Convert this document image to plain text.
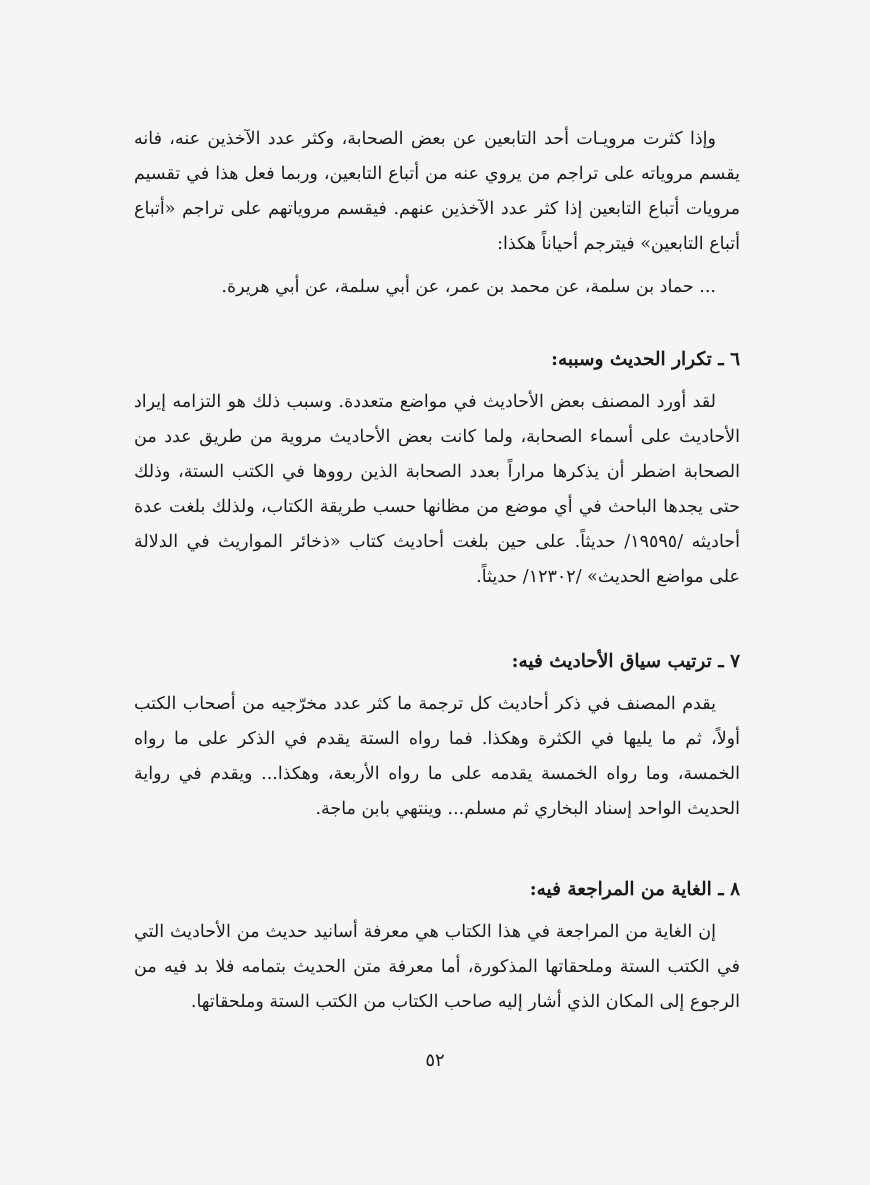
وإذا كثرت مرويـات أحد التابعين عن بعض الصحابة، وكثر عدد الآخذين عنه، فانه يقسم مروياته على تراجم من يروي عنه من أتباع التابعين، وربما فعل هذا في تقسيم مرويات أتباع التابعين إذا كثر عدد الآخذين عنهم. فيقسم مروياتهم على تراجم «أتباع أتباع التابعين» فيترجم أحياناً هكذا:

... حماد بن سلمة، عن محمد بن عمر، عن أبي سلمة، عن أبي هريرة.

٦ ـ تكرار الحديث وسببه:

لقد أورد المصنف بعض الأحاديث في مواضع متعددة. وسبب ذلك هو التزامه إيراد الأحاديث على أسماء الصحابة، ولما كانت بعض الأحاديث مروية من طريق عدد من الصحابة اضطر أن يذكرها مراراً بعدد الصحابة الذين رووها في الكتب الستة، وذلك حتى يجدها الباحث في أي موضع من مظانها حسب طريقة الكتاب، ولذلك بلغت عدة أحاديثه /١٩٥٩٥/ حديثاً. على حين بلغت أحاديث كتاب «ذخائر المواريث في الدلالة على مواضع الحديث» /١٢٣٠٢/ حديثاً.

٧ ـ ترتيب سياق الأحاديث فيه:

يقدم المصنف في ذكر أحاديث كل ترجمة ما كثر عدد مخرّجيه من أصحاب الكتب أولاً، ثم ما يليها في الكثرة وهكذا. فما رواه الستة يقدم في الذكر على ما رواه الخمسة، وما رواه الخمسة يقدمه على ما رواه الأربعة، وهكذا... ويقدم في رواية الحديث الواحد إسناد البخاري ثم مسلم... وينتهي بابن ماجة.

٨ ـ الغاية من المراجعة فيه:

إن الغاية من المراجعة في هذا الكتاب هي معرفة أسانيد حديث من الأحاديث التي في الكتب الستة وملحقاتها المذكورة، أما معرفة متن الحديث بتمامه فلا بد فيه من الرجوع إلى المكان الذي أشار إليه صاحب الكتاب من الكتب الستة وملحقاتها.

٥٢
